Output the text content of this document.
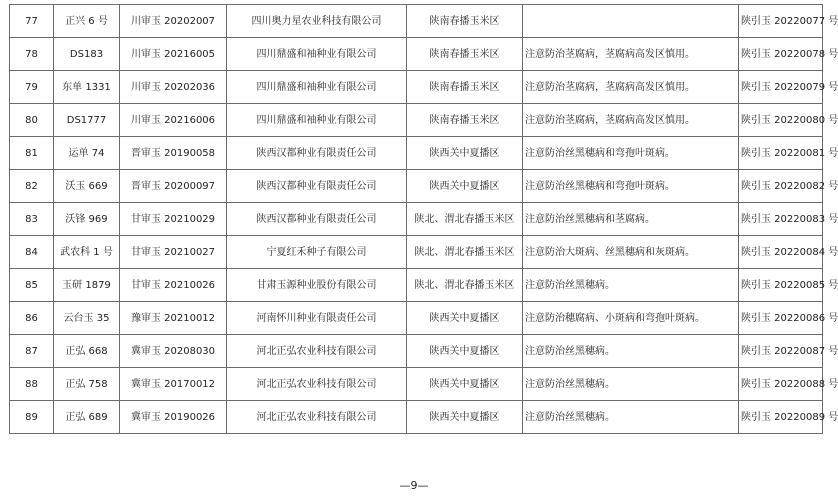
77	正兴 6 号	川审玉 20202007	四川奥力星农业科技有限公司	陕南春播玉米区		陕引玉 20220077 号
78	DS183	川审玉 20216005	四川鼎盛和袖种业有限公司	陕南春播玉米区	注意防治茎腐病，茎腐病高发区慎用。	陕引玉 20220078 号
79	东单 1331	川审玉 20202036	四川鼎盛和袖种业有限公司	陕南春播玉米区	注意防治茎腐病，茎腐病高发区慎用。	陕引玉 20220079 号
80	DS1777	川审玉 20216006	四川鼎盛和袖种业有限公司	陕南春播玉米区	注意防治茎腐病，茎腐病高发区慎用。	陕引玉 20220080 号
81	运单 74	晋审玉 20190058	陕西汉都种业有限责任公司	陕西关中夏播区	注意防治丝黑穗病和弯孢叶斑病。	陕引玉 20220081 号
82	沃玉 669	晋审玉 20200097	陕西汉都种业有限责任公司	陕西关中夏播区	注意防治丝黑穗病和弯孢叶斑病。	陕引玉 20220082 号
83	沃锋 969	甘审玉 20210029	陕西汉都种业有限责任公司	陕北、渭北春播玉米区	注意防治丝黑穗病和茎腐病。	陕引玉 20220083 号
84	武农科 1 号	甘审玉 20210027	宁夏红禾种子有限公司	陕北、渭北春播玉米区	注意防治大斑病、丝黑穗病和灰斑病。	陕引玉 20220084 号
85	玉研 1879	甘审玉 20210026	甘肃玉源种业股份有限公司	陕北、渭北春播玉米区	注意防治丝黑穗病。	陕引玉 20220085 号
86	云台玉 35	豫审玉 20210012	河南怀川种业有限责任公司	陕西关中夏播区	注意防治穗腐病、小斑病和弯孢叶斑病。	陕引玉 20220086 号
87	正弘 668	冀审玉 20208030	河北正弘农业科技有限公司	陕西关中夏播区	注意防治丝黑穗病。	陕引玉 20220087 号
88	正弘 758	冀审玉 20170012	河北正弘农业科技有限公司	陕西关中夏播区	注意防治丝黑穗病。	陕引玉 20220088 号
89	正弘 689	冀审玉 20190026	河北正弘农业科技有限公司	陕西关中夏播区	注意防治丝黑穗病。	陕引玉 20220089 号
—9—
